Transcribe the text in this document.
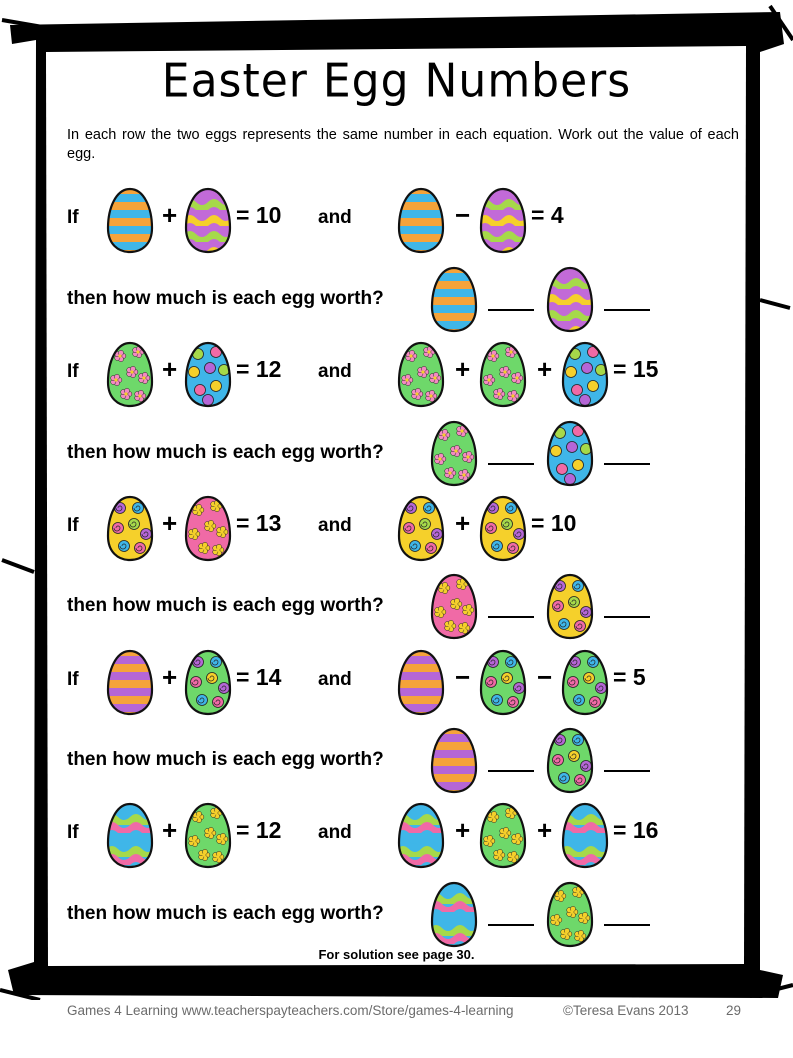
Easter Egg Numbers
In each row the two eggs represents the same number in each equation. Work out the value of each egg.
If	+	= 10 and	−	= 4
then how much is each egg worth?
If	+	= 12 and	+	+	= 15
then how much is each egg worth?
If	+	= 13 and	+	= 10
then how much is each egg worth?
If	+	= 14 and	−	−	= 5
then how much is each egg worth?
If	+	= 12 and	+	+	= 16
then how much is each egg worth?
For solution see page 30.
Games 4 Learning www.teacherspayteachers.com/Store/games-4-learning	©Teresa Evans 2013	29
